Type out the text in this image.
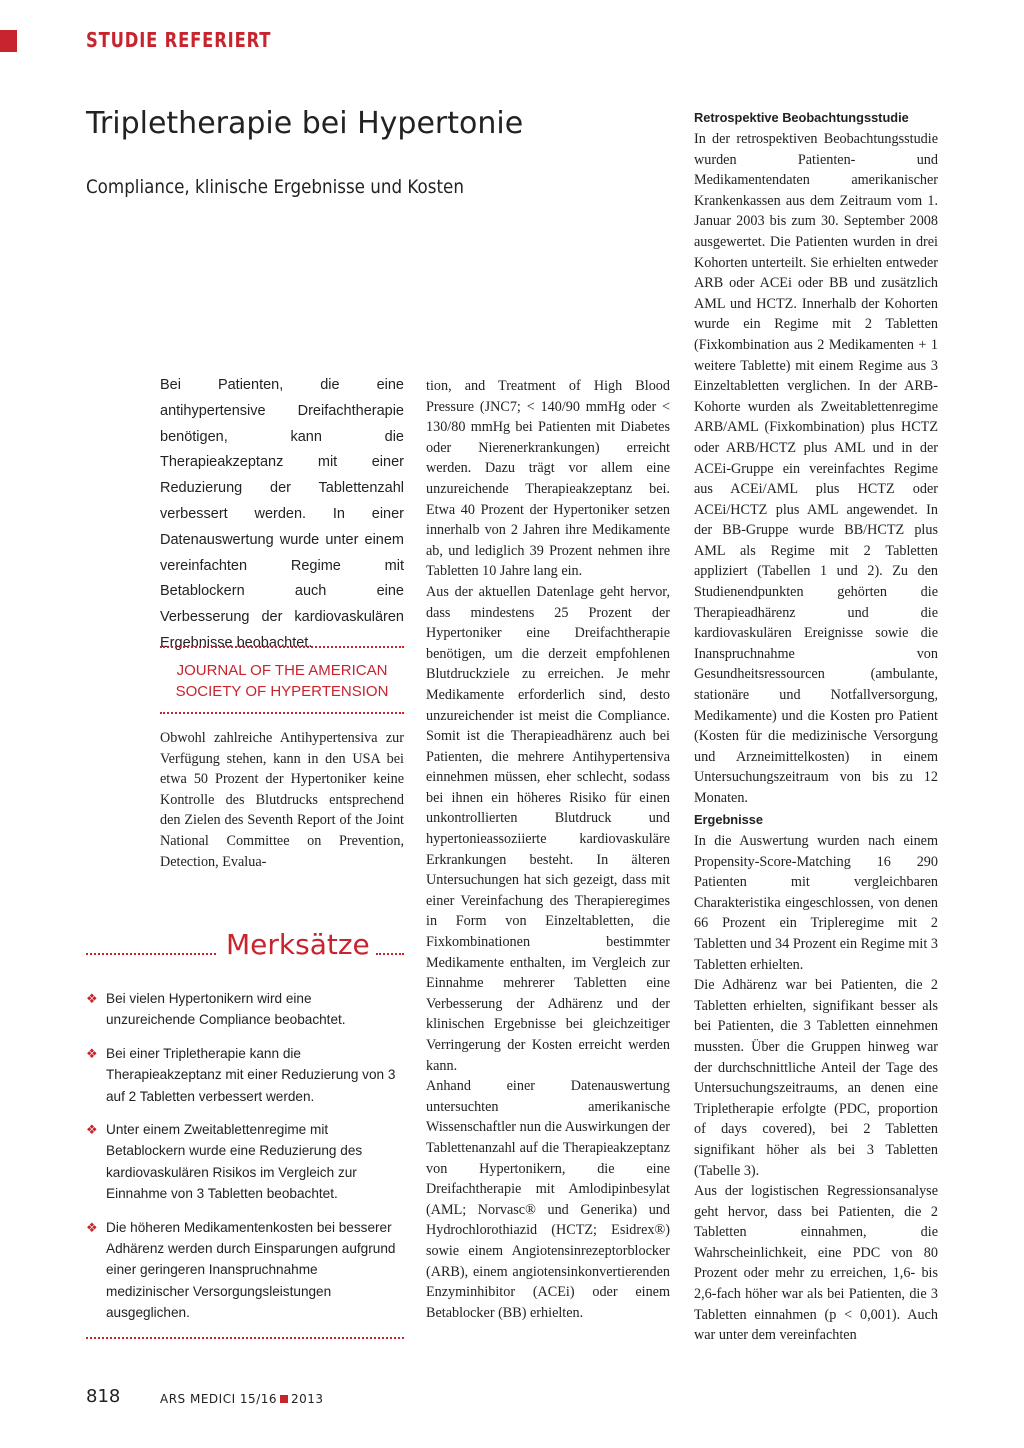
STUDIE REFERIERT
Tripletherapie bei Hypertonie
Compliance, klinische Ergebnisse und Kosten
Bei Patienten, die eine antihypertensive Dreifachtherapie benötigen, kann die Therapieakzeptanz mit einer Reduzierung der Tablettenzahl verbessert werden. In einer Datenauswertung wurde unter einem vereinfachten Regime mit Betablockern auch eine Verbesserung der kardiovaskulären Ergebnisse beobachtet.
JOURNAL OF THE AMERICAN SOCIETY OF HYPERTENSION

Obwohl zahlreiche Antihypertensiva zur Verfügung stehen, kann in den USA bei etwa 50 Prozent der Hypertoniker keine Kontrolle des Blutdrucks entsprechend den Zielen des Seventh Report of the Joint National Committee on Prevention, Detection, Evalua-

tion, and Treatment of High Blood Pressure (JNC7; < 140/90 mmHg oder < 130/80 mmHg bei Patienten mit Diabetes oder Nierenerkrankungen) erreicht werden. Dazu trägt vor allem eine unzureichende Therapieakzeptanz bei. Etwa 40 Prozent der Hypertoniker setzen innerhalb von 2 Jahren ihre Medikamente ab, und lediglich 39 Prozent nehmen ihre Tabletten 10 Jahre lang ein.

Aus der aktuellen Datenlage geht hervor, dass mindestens 25 Prozent der Hypertoniker eine Dreifachtherapie benötigen, um die derzeit empfohlenen Blutdruckziele zu erreichen. Je mehr Medikamente erforderlich sind, desto unzureichender ist meist die Compliance. Somit ist die Therapieadhärenz auch bei Patienten, die mehrere Antihypertensiva einnehmen müssen, eher schlecht, sodass bei ihnen ein höheres Risiko für einen unkontrollierten Blutdruck und hypertonieassoziierte kardiovaskuläre Erkrankungen besteht. In älteren Untersuchungen hat sich gezeigt, dass mit einer Vereinfachung des Therapieregimes in Form von Einzeltabletten, die Fixkombinationen bestimmter Medikamente enthalten, im Vergleich zur Einnahme mehrerer Tabletten eine Verbesserung der Adhärenz und der klinischen Ergebnisse bei gleichzeitiger Verringerung der Kosten erreicht werden kann.

Anhand einer Datenauswertung untersuchten amerikanische Wissenschaftler nun die Auswirkungen der Tablettenanzahl auf die Therapieakzeptanz von Hypertonikern, die eine Dreifachtherapie mit Amlodipinbesylat (AML; Norvasc® und Generika) und Hydrochlorothiazid (HCTZ; Esidrex®) sowie einem Angiotensinrezeptorblocker (ARB), einem angiotensinkonvertierenden Enzyminhibitor (ACEi) oder einem Betablocker (BB) erhielten.

Retrospektive Beobachtungsstudie

In der retrospektiven Beobachtungsstudie wurden Patienten- und Medikamentendaten amerikanischer Krankenkassen aus dem Zeitraum vom 1. Januar 2003 bis zum 30. September 2008 ausgewertet. Die Patienten wurden in drei Kohorten unterteilt. Sie erhielten entweder ARB oder ACEi oder BB und zusätzlich AML und HCTZ. Innerhalb der Kohorten wurde ein Regime mit 2 Tabletten (Fixkombination aus 2 Medikamenten + 1 weitere Tablette) mit einem Regime aus 3 Einzeltabletten verglichen. In der ARB-Kohorte wurden als Zweitablettenregime ARB/AML (Fixkombination) plus HCTZ oder ARB/HCTZ plus AML und in der ACEi-Gruppe ein vereinfachtes Regime aus ACEi/AML plus HCTZ oder ACEi/HCTZ plus AML angewendet. In der BB-Gruppe wurde BB/HCTZ plus AML als Regime mit 2 Tabletten appliziert (Tabellen 1 und 2). Zu den Studienendpunkten gehörten die Therapieadhärenz und die kardiovaskulären Ereignisse sowie die Inanspruchnahme von Gesundheitsressourcen (ambulante, stationäre und Notfallversorgung, Medikamente) und die Kosten pro Patient (Kosten für die medizinische Versorgung und Arzneimittelkosten) in einem Untersuchungszeitraum von bis zu 12 Monaten.

Ergebnisse

In die Auswertung wurden nach einem Propensity-Score-Matching 16 290 Patienten mit vergleichbaren Charakteristika eingeschlossen, von denen 66 Prozent ein Tripleregime mit 2 Tabletten und 34 Prozent ein Regime mit 3 Tabletten erhielten.

Die Adhärenz war bei Patienten, die 2 Tabletten erhielten, signifikant besser als bei Patienten, die 3 Tabletten einnehmen mussten. Über die Gruppen hinweg war der durchschnittliche Anteil der Tage des Untersuchungszeitraums, an denen eine Tripletherapie erfolgte (PDC, proportion of days covered), bei 2 Tabletten signifikant höher als bei 3 Tabletten (Tabelle 3).

Aus der logistischen Regressionsanalyse geht hervor, dass bei Patienten, die 2 Tabletten einnahmen, die Wahrscheinlichkeit, eine PDC von 80 Prozent oder mehr zu erreichen, 1,6- bis 2,6-fach höher war als bei Patienten, die 3 Tabletten einnahmen (p < 0,001). Auch war unter dem vereinfachten

Merksätze
❖ Bei vielen Hypertonikern wird eine unzureichende Compliance beobachtet.
❖ Bei einer Tripletherapie kann die Therapieakzeptanz mit einer Reduzierung von 3 auf 2 Tabletten verbessert werden.
❖ Unter einem Zweitablettenregime mit Betablockern wurde eine Reduzierung des kardiovaskulären Risikos im Vergleich zur Einnahme von 3 Tabletten beobachtet.
❖ Die höheren Medikamentenkosten bei besserer Adhärenz werden durch Einsparungen aufgrund einer geringeren Inanspruchnahme medizinischer Versorgungsleistungen ausgeglichen.
818	ARS MEDICI 15/16 2013
